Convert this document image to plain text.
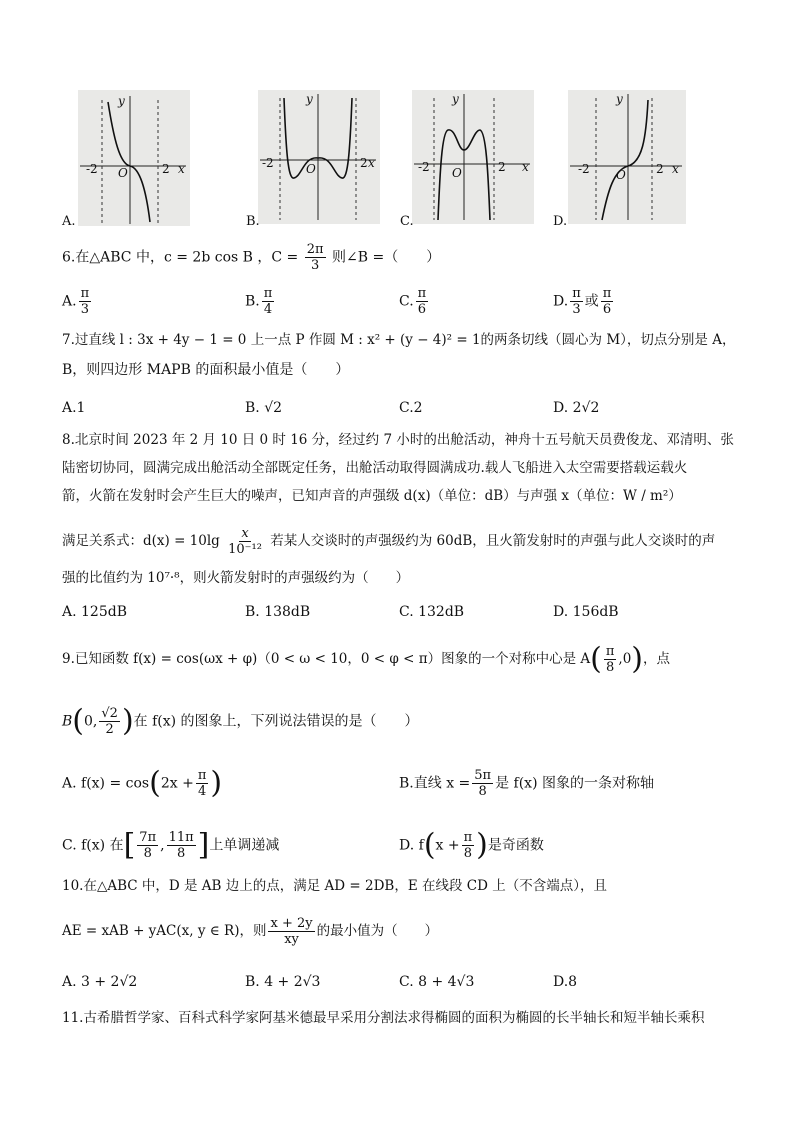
y
x
-2 O	2
A.
y
x
-2	O	2
B.
y
x
-2 O	2
C.
y
x
-2 O	2
D.
6.在△ABC 中，c = 2b cos B ，$C = \frac{2\pi}{3}$ 则∠B =（　　）
A. $\frac{\pi}{3}$	B. $\frac{\pi}{4}$	C. $\frac{\pi}{6}$	D. $\frac{\pi}{3}$ 或 $\frac{\pi}{6}$
7.过直线 l : 3x + 4y − 1 = 0 上一点 P 作圆 M : x² + (y − 4)² = 1的两条切线（圆心为 M），切点分别是 A，
B，则四边形 MAPB 的面积最小值是（　　）
A.1	B. √2	C.2	D. 2√2
8.北京时间 2023 年 2 月 10 日 0 时 16 分，经过约 7 小时的出舱活动，神舟十五号航天员费俊龙、邓清明、张
陆密切协同，圆满完成出舱活动全部既定任务，出舱活动取得圆满成功.载人飞船进入太空需要搭载运载火
箭，火箭在发射时会产生巨大的噪声，已知声音的声强级 d(x)（单位：dB）与声强 x（单位：W / m²）
满足关系式：$d(x) = 10\lg \frac{x}{\text{10⁻¹²}}$ 若某人交谈时的声强级约为 60dB，且火箭发射时的声强与此人交谈时的声
强的比值约为 10⁷·⁸，则火箭发射时的声强级约为（　　）
A. 125dB	B. 138dB	C. 132dB	D. 156dB
9.已知函数 f(x) = cos(ωx + φ)（0 < ω < 10，0 < φ < π）图象的一个对称中心是 $A( \frac{\pi}{8} ,0)$，点
B(0, $\frac{√2}{2}$ )在 f(x) 的图象上，下列说法错误的是（　　）
A. $f(x) = \cos(2x + \frac{\pi}{4}$ )	B.直线 $x = \frac{5\pi}{8}$ 是 f(x) 图象的一条对称轴
C. f(x) 在[ $\frac{7\pi}{8}$ , $\frac{11\pi}{8}$ ]上单调递减	D. $f(x + \frac{\pi}{8}$ )是奇函数
10.在△ABC 中，D 是 AB 边上的点，满足 AD = 2DB，E 在线段 CD 上（不含端点），且
AE = xAB + yAC(x, y ∈ R)，则 $\frac{x + 2y}{xy}$ 的最小值为（　　）
A. 3 + 2√2	B. 4 + 2√3	C. 8 + 4√3	D.8
11.古希腊哲学家、百科式科学家阿基米德最早采用分割法求得椭圆的面积为椭圆的长半轴长和短半轴长乘积
